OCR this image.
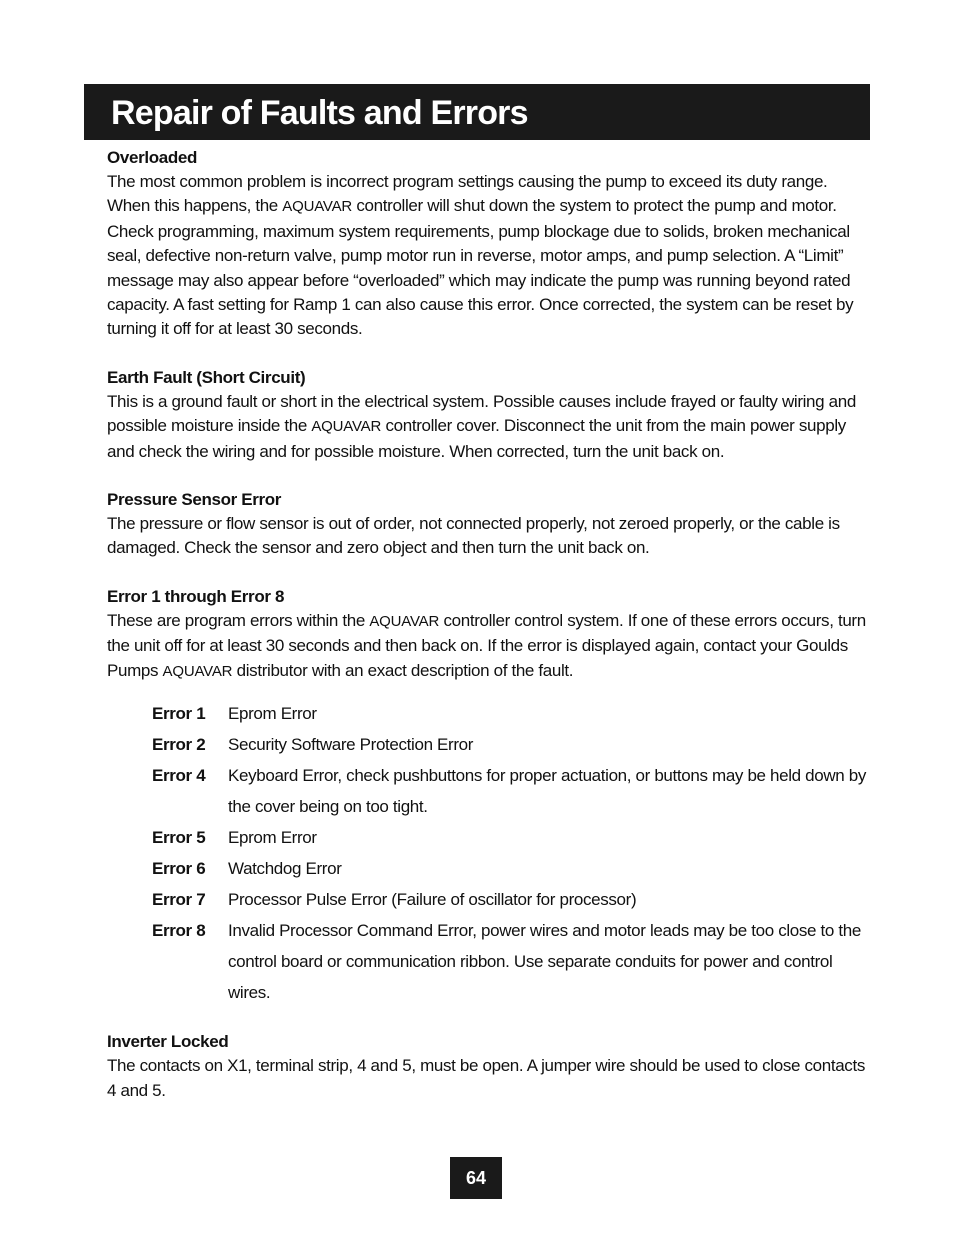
Repair of Faults and Errors

Overloaded

The most common problem is incorrect program settings causing the pump to exceed its duty range. When this happens, the AQUAVAR controller will shut down the system to protect the pump and motor. Check programming, maximum system requirements, pump blockage due to solids, broken mechanical seal, defective non-return valve, pump motor run in reverse, motor amps, and pump selection. A “Limit” message may also appear before “overloaded” which may indicate the pump was running beyond rated capacity. A fast setting for Ramp 1 can also cause this error. Once corrected, the system can be reset by turning it off for at least 30 seconds.

Earth Fault (Short Circuit)

This is a ground fault or short in the electrical system. Possible causes include frayed or faulty wiring and possible moisture inside the AQUAVAR controller cover. Disconnect the unit from the main power supply and check the wiring and for possible moisture. When corrected, turn the unit back on.

Pressure Sensor Error

The pressure or flow sensor is out of order, not connected properly, not zeroed properly, or the cable is damaged. Check the sensor and zero object and then turn the unit back on.

Error 1 through Error 8

These are program errors within the AQUAVAR controller control system. If one of these errors occurs, turn the unit off for at least 30 seconds and then back on. If the error is displayed again, contact your Goulds Pumps AQUAVAR distributor with an exact description of the fault.

Error 1	Eprom Error
Error 2	Security Software Protection Error
Error 4	Keyboard Error, check pushbuttons for proper actuation, or buttons may be held down by the cover being on too tight.
Error 5	Eprom Error
Error 6	Watchdog Error
Error 7	Processor Pulse Error (Failure of oscillator for processor)
Error 8	Invalid Processor Command Error, power wires and motor leads may be too close to the control board or communication ribbon. Use separate conduits for power and control wires.

Inverter Locked

The contacts on X1, terminal strip, 4 and 5, must be open. A jumper wire should be used to close contacts 4 and 5.

64
